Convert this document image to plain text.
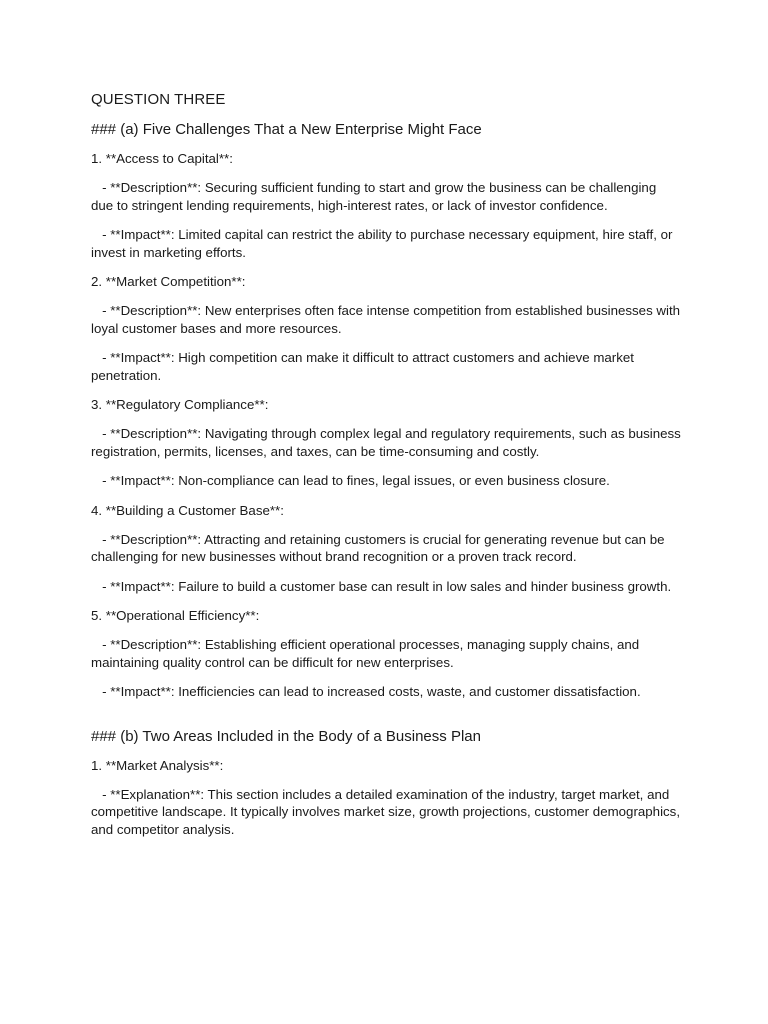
QUESTION THREE
### (a) Five Challenges That a New Enterprise Might Face
1. **Access to Capital**:
- **Description**: Securing sufficient funding to start and grow the business can be challenging due to stringent lending requirements, high-interest rates, or lack of investor confidence.
- **Impact**: Limited capital can restrict the ability to purchase necessary equipment, hire staff, or invest in marketing efforts.
2. **Market Competition**:
- **Description**: New enterprises often face intense competition from established businesses with loyal customer bases and more resources.
- **Impact**: High competition can make it difficult to attract customers and achieve market penetration.
3. **Regulatory Compliance**:
- **Description**: Navigating through complex legal and regulatory requirements, such as business registration, permits, licenses, and taxes, can be time-consuming and costly.
- **Impact**: Non-compliance can lead to fines, legal issues, or even business closure.
4. **Building a Customer Base**:
- **Description**: Attracting and retaining customers is crucial for generating revenue but can be challenging for new businesses without brand recognition or a proven track record.
- **Impact**: Failure to build a customer base can result in low sales and hinder business growth.
5. **Operational Efficiency**:
- **Description**: Establishing efficient operational processes, managing supply chains, and maintaining quality control can be difficult for new enterprises.
- **Impact**: Inefficiencies can lead to increased costs, waste, and customer dissatisfaction.
### (b) Two Areas Included in the Body of a Business Plan
1. **Market Analysis**:
- **Explanation**: This section includes a detailed examination of the industry, target market, and competitive landscape. It typically involves market size, growth projections, customer demographics, and competitor analysis.
